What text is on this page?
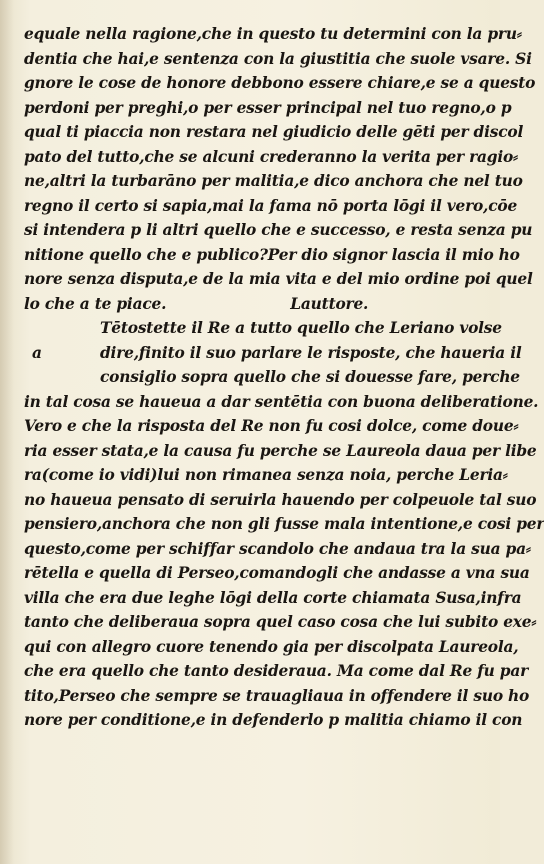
equale nella ragione,che in questo tu determini con la pru⸗
dentia che hai,e sentenza con la giustitia che suole vsare. Si
gnore le cose de honore debbono essere chiare,e se a questo
perdoni per preghi,o per esser principal nel tuo regno,o p
qual ti piaccia non restara nel giudicio delle gēti per discol
pato del tutto,che se alcuni crederanno la verita per ragio⸗
ne,altri la turbarāno per malitia,e dico anchora che nel tuo
regno il certo si sapia,mai la fama nō porta lōgi il vero,cōe
si intendera p li altri quello che e successo, e resta senza pu
nitione quello che e publico?Per dio signor lascia il mio ho
nore senza disputa,e de la mia vita e del mio ordine poi quel
lo che a te piace.	Lauttore.
Tētostette il Re a tutto quello che Leriano volse
a	dire,finito il suo parlare le risposte, che haueria il
consiglio sopra quello che si douesse fare, perche
in tal cosa se haueua a dar sentētia con buona deliberatione.
Vero e che la risposta del Re non fu cosi dolce, come doue⸗
ria esser stata,e la causa fu perche se Laureola daua per libe
ra(come io vidi)lui non rimanea senza noia, perche Leria⸗
no haueua pensato di seruirla hauendo per colpeuole tal suo
pensiero,anchora che non gli fusse mala intentione,e cosi per
questo,come per schiffar scandolo che andaua tra la sua pa⸗
rētella e quella di Perseo,comandogli che andasse a vna sua
villa che era due leghe lōgi della corte chiamata Susa,infra
tanto che deliberaua sopra quel caso cosa che lui subito exe⸗
qui con allegro cuore tenendo gia per discolpata Laureola,
che era quello che tanto desideraua. Ma come dal Re fu par
tito,Perseo che sempre se trauagliaua in offendere il suo ho
nore per conditione,e in defenderlo p malitia chiamo il con
